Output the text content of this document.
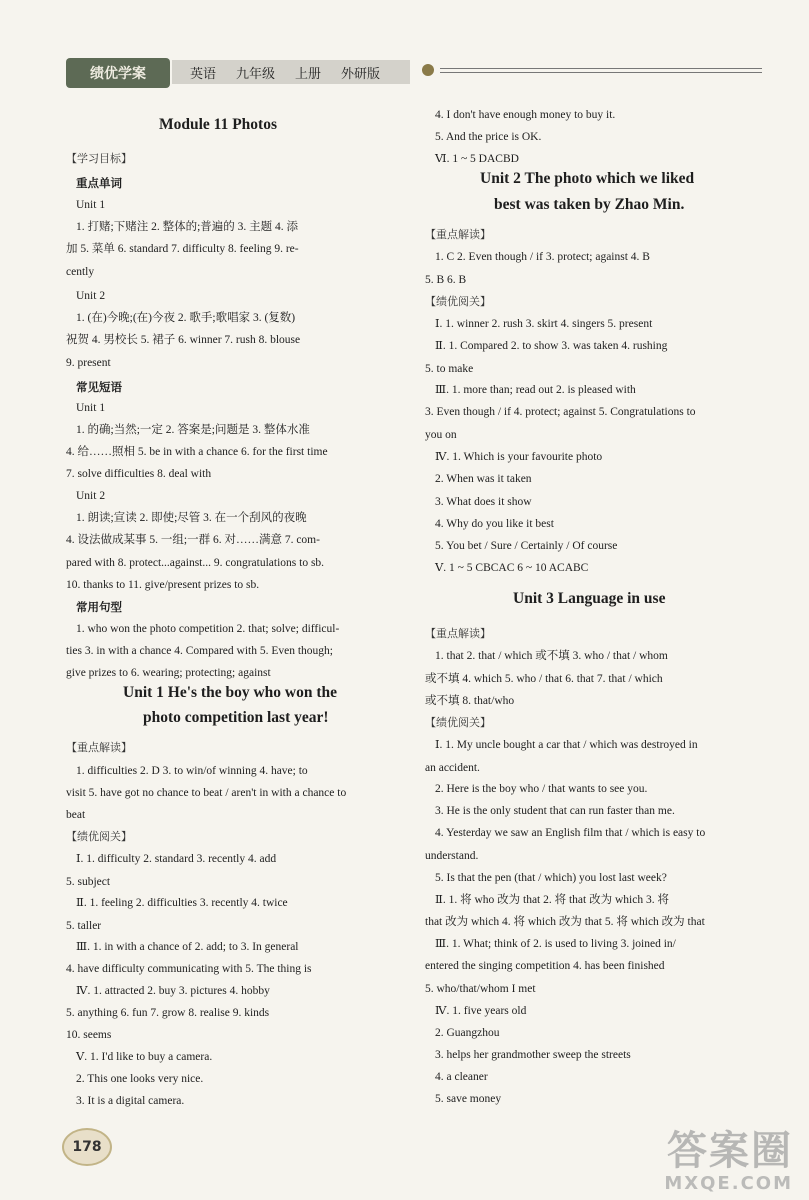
绩优学案	英语 九年级 上册 外研版
Module 11 Photos
【学习目标】
重点单词
Unit 1
1. 打赌;下赌注 2. 整体的;普遍的 3. 主题 4. 添
加 5. 菜单 6. standard 7. difficulty 8. feeling 9. re-
cently
Unit 2
1. (在)今晚;(在)今夜 2. 歌手;歌唱家 3. (复数)
祝贺 4. 男校长 5. 裙子 6. winner 7. rush 8. blouse
9. present
常见短语
Unit 1
1. 的确;当然;一定 2. 答案是;问题是 3. 整体水准
4. 给……照相 5. be in with a chance 6. for the first time
7. solve difficulties 8. deal with
Unit 2
1. 朗读;宣读 2. 即使;尽管 3. 在一个刮风的夜晚
4. 设法做成某事 5. 一组;一群 6. 对……满意 7. com-
pared with 8. protect...against... 9. congratulations to sb.
10. thanks to 11. give/present prizes to sb.
常用句型
1. who won the photo competition 2. that; solve; difficul-
ties 3. in with a chance 4. Compared with 5. Even though;
give prizes to 6. wearing; protecting; against
Unit 1 He's the boy who won the
photo competition last year!
【重点解读】
1. difficulties 2. D 3. to win/of winning 4. have; to
visit 5. have got no chance to beat / aren't in with a chance to
beat
【绩优阅关】
Ⅰ. 1. difficulty 2. standard 3. recently 4. add
5. subject
Ⅱ. 1. feeling 2. difficulties 3. recently 4. twice
5. taller
Ⅲ. 1. in with a chance of 2. add; to 3. In general
4. have difficulty communicating with 5. The thing is
Ⅳ. 1. attracted 2. buy 3. pictures 4. hobby
5. anything 6. fun 7. grow 8. realise 9. kinds
10. seems
Ⅴ. 1. I'd like to buy a camera.
2. This one looks very nice.
3. It is a digital camera.
4. I don't have enough money to buy it.
5. And the price is OK.
Ⅵ. 1 ~ 5 DACBD
Unit 2 The photo which we liked
best was taken by Zhao Min.
【重点解读】
1. C 2. Even though / if 3. protect; against 4. B
5. B 6. B
【绩优阅关】
Ⅰ. 1. winner 2. rush 3. skirt 4. singers 5. present
Ⅱ. 1. Compared 2. to show 3. was taken 4. rushing
5. to make
Ⅲ. 1. more than; read out 2. is pleased with
3. Even though / if 4. protect; against 5. Congratulations to
you on
Ⅳ. 1. Which is your favourite photo
2. When was it taken
3. What does it show
4. Why do you like it best
5. You bet / Sure / Certainly / Of course
Ⅴ. 1 ~ 5 CBCAC 6 ~ 10 ACABC
Unit 3 Language in use
【重点解读】
1. that 2. that / which 或不填 3. who / that / whom
或不填 4. which 5. who / that 6. that 7. that / which
或不填 8. that/who
【绩优阅关】
Ⅰ. 1. My uncle bought a car that / which was destroyed in
an accident.
2. Here is the boy who / that wants to see you.
3. He is the only student that can run faster than me.
4. Yesterday we saw an English film that / which is easy to
understand.
5. Is that the pen (that / which) you lost last week?
Ⅱ. 1. 将 who 改为 that 2. 将 that 改为 which 3. 将
that 改为 which 4. 将 which 改为 that 5. 将 which 改为 that
Ⅲ. 1. What; think of 2. is used to living 3. joined in/
entered the singing competition 4. has been finished
5. who/that/whom I met
Ⅳ. 1. five years old
2. Guangzhou
3. helps her grandmother sweep the streets
4. a cleaner
5. save money
178	答案圈
MXQE.COM
